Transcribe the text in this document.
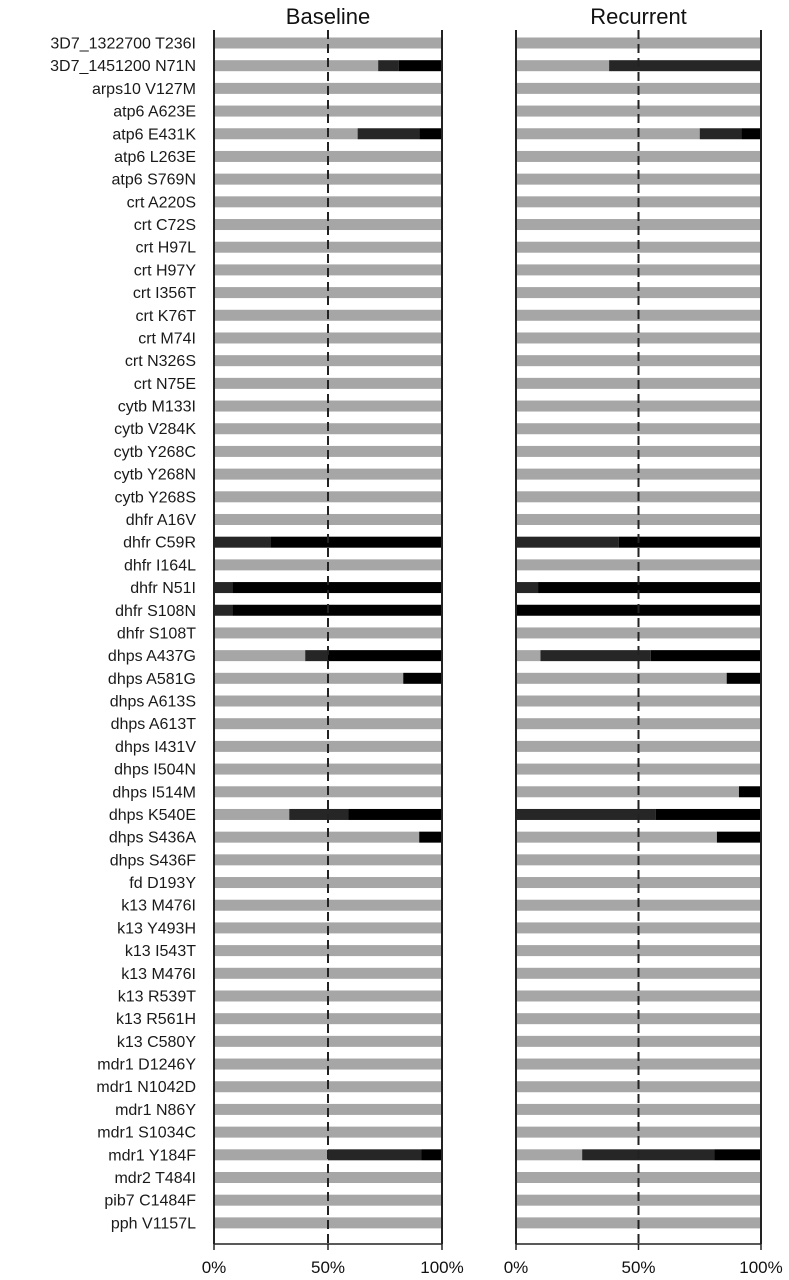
3D7_1322700 T236I
3D7_1451200 N71N
arps10 V127M
atp6 A623E
atp6 E431K
atp6 L263E
atp6 S769N
crt A220S
crt C72S
crt H97L
crt H97Y
crt I356T
crt K76T
crt M74I
crt N326S
crt N75E
cytb M133I
cytb V284K
cytb Y268C
cytb Y268N
cytb Y268S
dhfr A16V
dhfr C59R
dhfr I164L
dhfr N51I
dhfr S108N
dhfr S108T
dhps A437G
dhps A581G
dhps A613S
dhps A613T
dhps I431V
dhps I504N
dhps I514M
dhps K540E
dhps S436A
dhps S436F
fd D193Y
k13 M476I
k13 Y493H
k13 I543T
k13 M476I
k13 R539T
k13 R561H
k13 C580Y
mdr1 D1246Y
mdr1 N1042D
mdr1 N86Y
mdr1 S1034C
mdr1 Y184F
mdr2 T484I
pib7 C1484F
pph V1157L
Baseline
0%	50%	100%
Recurrent
0%	50%	100%
